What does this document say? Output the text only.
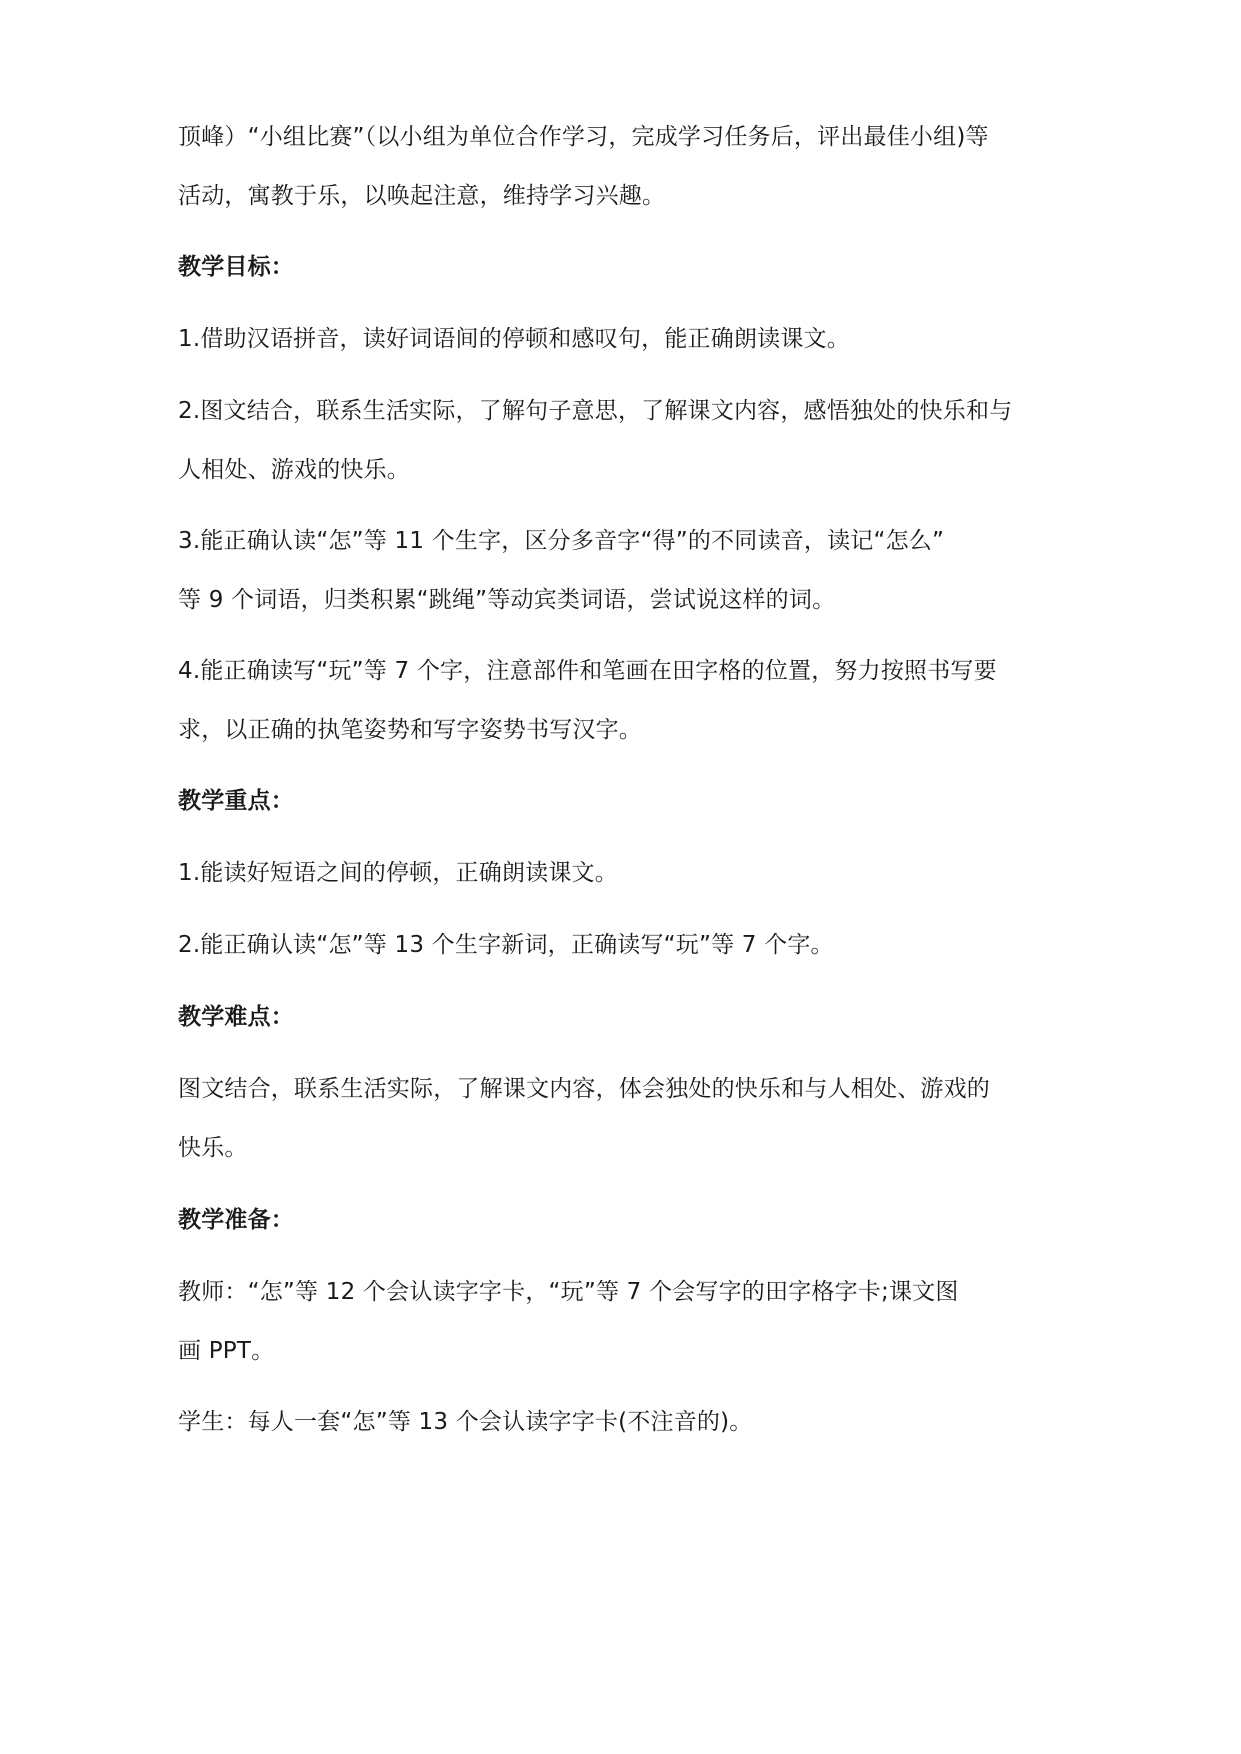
顶峰）“小组比赛”（以小组为单位合作学习，完成学习任务后，评出最佳小组)等
活动，寓教于乐，以唤起注意，维持学习兴趣。
教学目标：
1.借助汉语拼音，读好词语间的停顿和感叹句，能正确朗读课文。
2.图文结合，联系生活实际，了解句子意思，了解课文内容，感悟独处的快乐和与
人相处、游戏的快乐。
3.能正确认读“怎”等 11 个生字，区分多音字“得”的不同读音，读记“怎么”
等 9 个词语，归类积累“跳绳”等动宾类词语，尝试说这样的词。
4.能正确读写“玩”等 7 个字，注意部件和笔画在田字格的位置，努力按照书写要
求，以正确的执笔姿势和写字姿势书写汉字。
教学重点：
1.能读好短语之间的停顿，正确朗读课文。
2.能正确认读“怎”等 13 个生字新词，正确读写“玩”等 7 个字。
教学难点：
图文结合，联系生活实际，了解课文内容，体会独处的快乐和与人相处、游戏的
快乐。
教学准备：
教师：“怎”等 12 个会认读字字卡，“玩”等 7 个会写字的田字格字卡;课文图
画 PPT。
学生：每人一套“怎”等 13 个会认读字字卡(不注音的)。
